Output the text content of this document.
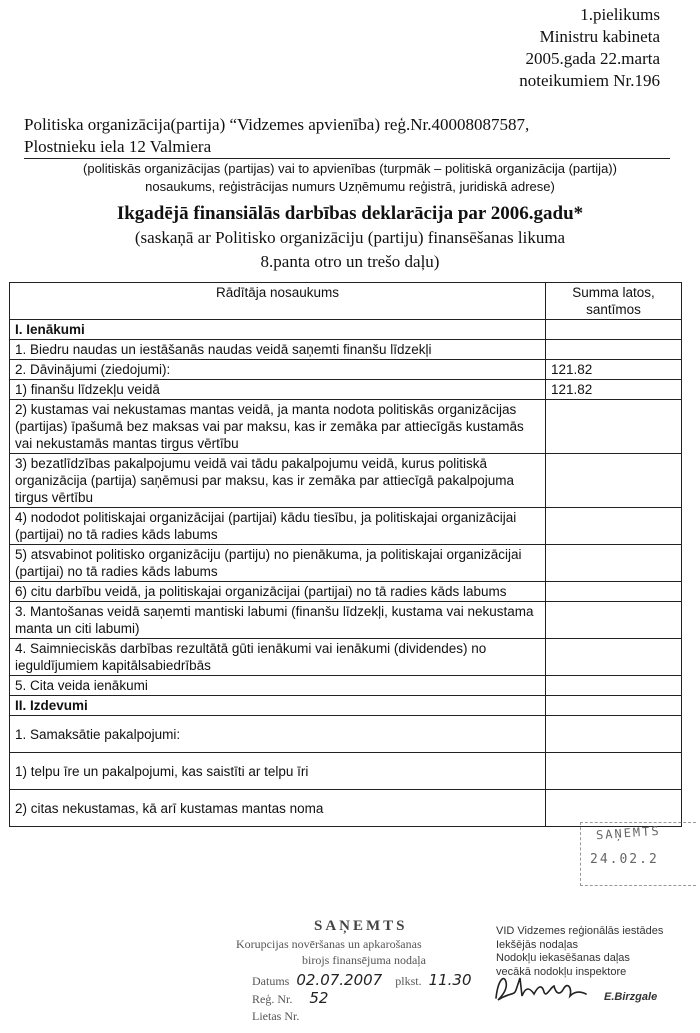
1.pielikums
Ministru kabineta
2005.gada 22.marta
noteikumiem Nr.196
Politiska organizācija(partija) “Vidzemes apvienība) reģ.Nr.40008087587,
Plostnieku iela 12 Valmiera
(politiskās organizācijas (partijas) vai to apvienības (turpmāk – politiskā organizācija (partija))
nosaukums, reģistrācijas numurs Uzņēmumu reģistrā, juridiskā adrese)
Ikgadējā finansiālās darbības deklarācija par 2006.gadu*
(saskaņā ar Politisko organizāciju (partiju) finansēšanas likuma
8.panta otro un trešo daļu)
Rādītāja nosaukums	Summa latos,
santīmos

I. Ienākumi	
1. Biedru naudas un iestāšanās naudas veidā saņemti finanšu līdzekļi	
2. Dāvinājumi (ziedojumi):	121.82
1) finanšu līdzekļu veidā	121.82
2) kustamas vai nekustamas mantas veidā, ja manta nodota politiskās organizācijas (partijas) īpašumā bez maksas vai par maksu, kas ir zemāka par attiecīgās kustamās vai nekustamās mantas tirgus vērtību	
3) bezatlīdzības pakalpojumu veidā vai tādu pakalpojumu veidā, kurus politiskā organizācija (partija) saņēmusi par maksu, kas ir zemāka par attiecīgā pakalpojuma tirgus vērtību	
4) nododot politiskajai organizācijai (partijai) kādu tiesību, ja politiskajai organizācijai (partijai) no tā radies kāds labums	
5) atsvabinot politisko organizāciju (partiju) no pienākuma, ja politiskajai organizācijai (partijai) no tā radies kāds labums	
6) citu darbību veidā, ja politiskajai organizācijai (partijai) no tā radies kāds labums	
3. Mantošanas veidā saņemti mantiski labumi (finanšu līdzekļi, kustama vai nekustama manta un citi labumi)	
4. Saimnieciskās darbības rezultātā gūti ienākumi vai ienākumi (dividendes) no ieguldījumiem kapitālsabiedrībās	
5. Cita veida ienākumi	
II. Izdevumi	
1. Samaksātie pakalpojumi:	
1) telpu īre un pakalpojumi, kas saistīti ar telpu īri	
2) citas nekustamas, kā arī kustamas mantas noma	
SAŅEMTS
24.02.2
SAŅEMTS
Korupcijas novēršanas un apkarošanas
birojs finansējuma nodaļa
Datums 02.07.2007 plkst. 11.30
Reģ. Nr. 52
Lietas Nr.
VID Vidzemes reģionālās iestādes
Iekšējās nodaļas
Nodokļu iekasēšanas daļas
vecākā nodokļu inspektore
E.Birzgale
